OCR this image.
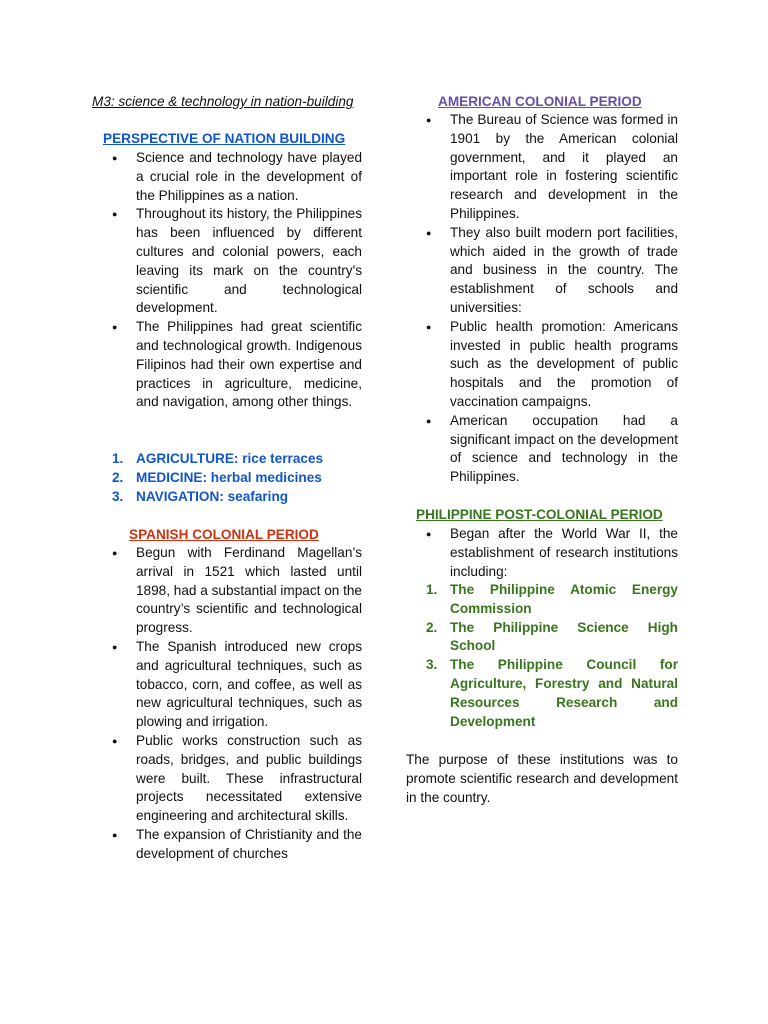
M3: science & technology in nation-building
PERSPECTIVE OF NATION BUILDING
● Science and technology have played a crucial role in the development of the Philippines as a nation.
● Throughout its history, the Philippines has been influenced by different cultures and colonial powers, each leaving its mark on the country's scientific and technological development.
● The Philippines had great scientific and technological growth. Indigenous Filipinos had their own expertise and practices in agriculture, medicine, and navigation, among other things.
1. AGRICULTURE: rice terraces
2. MEDICINE: herbal medicines
3. NAVIGATION: seafaring
SPANISH COLONIAL PERIOD
● Begun with Ferdinand Magellan’s arrival in 1521 which lasted until 1898, had a substantial impact on the country’s scientific and technological progress.
● The Spanish introduced new crops and agricultural techniques, such as tobacco, corn, and coffee, as well as new agricultural techniques, such as plowing and irrigation.
● Public works construction such as roads, bridges, and public buildings were built. These infrastructural projects necessitated extensive engineering and architectural skills.
● The expansion of Christianity and the development of churches
AMERICAN COLONIAL PERIOD
● The Bureau of Science was formed in 1901 by the American colonial government, and it played an important role in fostering scientific research and development in the Philippines.
● They also built modern port facilities, which aided in the growth of trade and business in the country. The establishment of schools and universities:
● Public health promotion: Americans invested in public health programs such as the development of public hospitals and the promotion of vaccination campaigns.
● American occupation had a significant impact on the development of science and technology in the Philippines.
PHILIPPINE POST-COLONIAL PERIOD
● Began after the World War II, the establishment of research institutions including:
1. The Philippine Atomic Energy Commission
2. The Philippine Science High School
3. The Philippine Council for Agriculture, Forestry and Natural Resources Research and Development
The purpose of these institutions was to promote scientific research and development in the country.
